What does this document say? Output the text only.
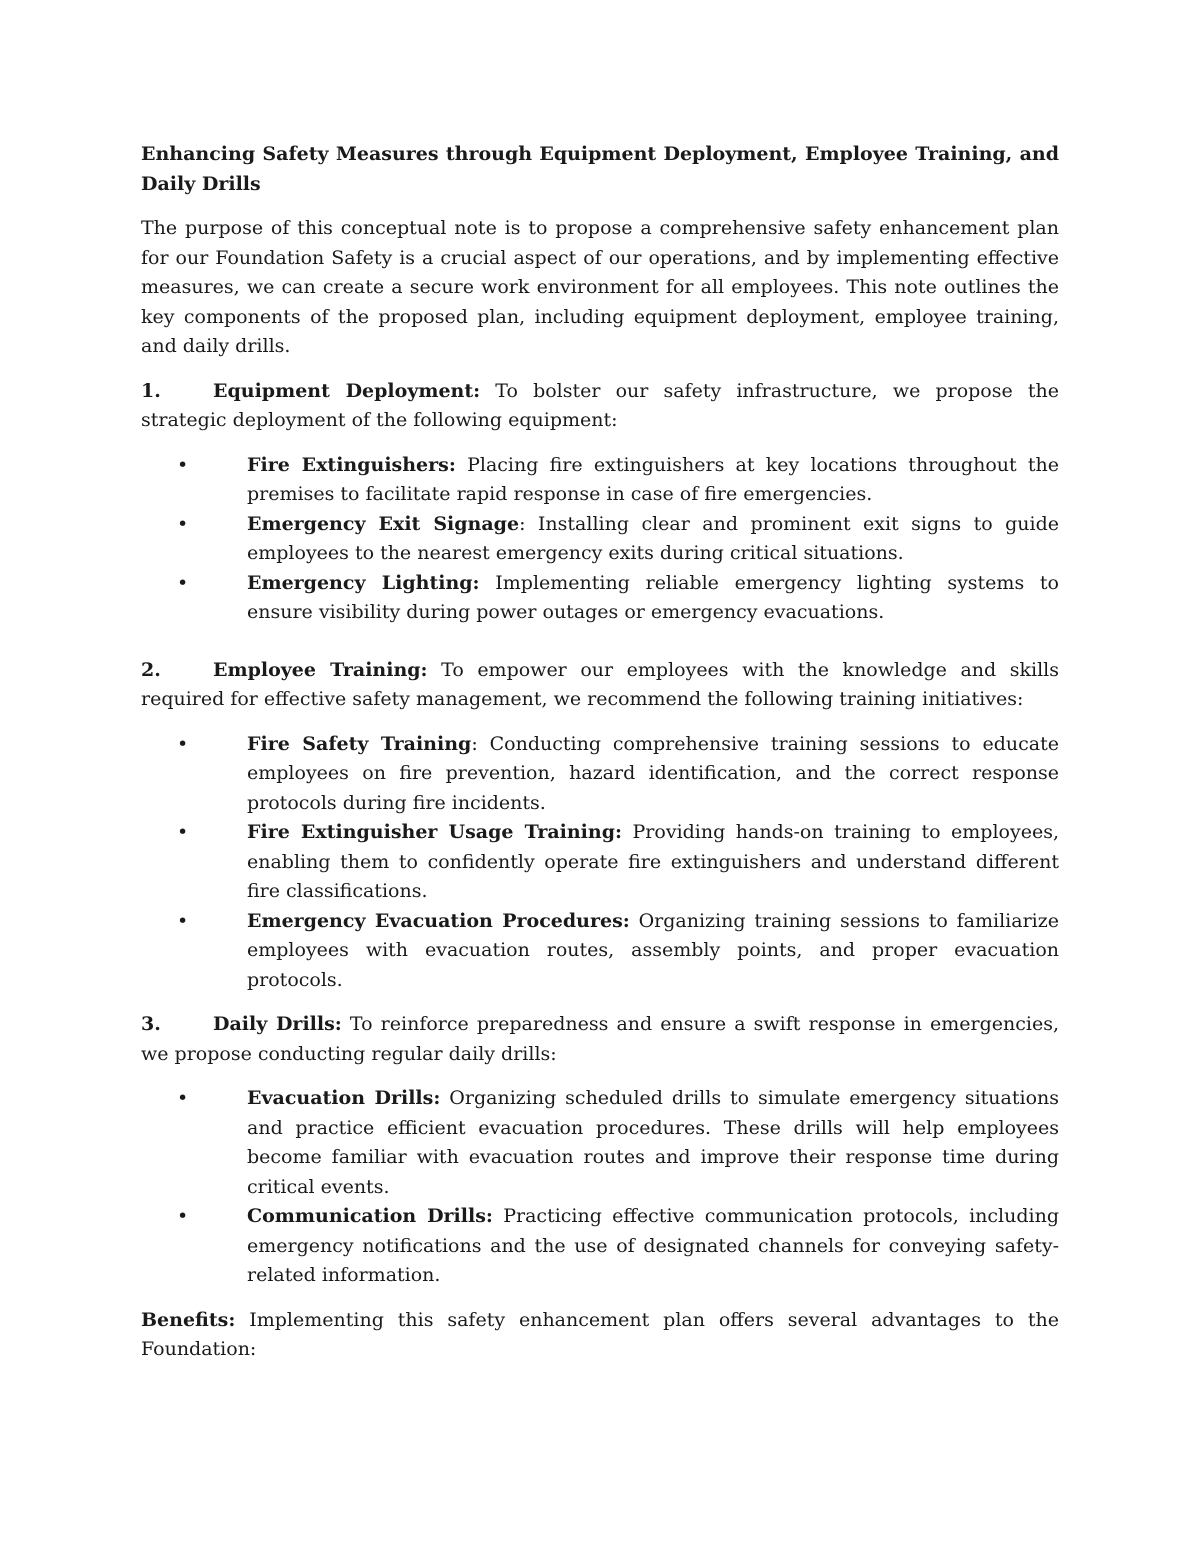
Enhancing Safety Measures through Equipment Deployment, Employee Training, and Daily Drills

The purpose of this conceptual note is to propose a comprehensive safety enhancement plan for our Foundation Safety is a crucial aspect of our operations, and by implementing effective measures, we can create a secure work environment for all employees. This note outlines the key components of the proposed plan, including equipment deployment, employee training, and daily drills.

1.	Equipment Deployment: To bolster our safety infrastructure, we propose the strategic deployment of the following equipment:
•	Fire Extinguishers: Placing fire extinguishers at key locations throughout the premises to facilitate rapid response in case of fire emergencies.
•	Emergency Exit Signage: Installing clear and prominent exit signs to guide employees to the nearest emergency exits during critical situations.
•	Emergency Lighting: Implementing reliable emergency lighting systems to ensure visibility during power outages or emergency evacuations.
2.	Employee Training: To empower our employees with the knowledge and skills required for effective safety management, we recommend the following training initiatives:
•	Fire Safety Training: Conducting comprehensive training sessions to educate employees on fire prevention, hazard identification, and the correct response protocols during fire incidents.
•	Fire Extinguisher Usage Training: Providing hands-on training to employees, enabling them to confidently operate fire extinguishers and understand different fire classifications.
•	Emergency Evacuation Procedures: Organizing training sessions to familiarize employees with evacuation routes, assembly points, and proper evacuation protocols.
3.	Daily Drills: To reinforce preparedness and ensure a swift response in emergencies, we propose conducting regular daily drills:
•	Evacuation Drills: Organizing scheduled drills to simulate emergency situations and practice efficient evacuation procedures. These drills will help employees become familiar with evacuation routes and improve their response time during critical events.
•	Communication Drills: Practicing effective communication protocols, including emergency notifications and the use of designated channels for conveying safety-related information.

Benefits: Implementing this safety enhancement plan offers several advantages to the Foundation:
